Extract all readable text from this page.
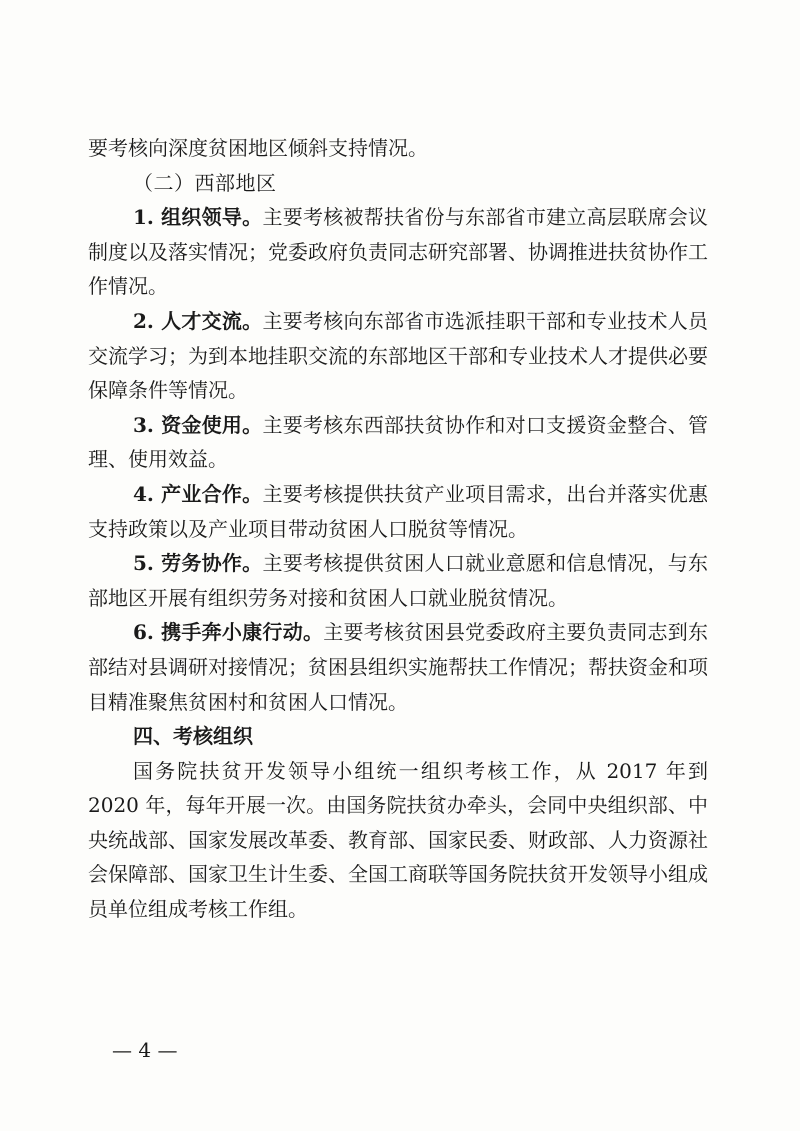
要考核向深度贫困地区倾斜支持情况。

（二）西部地区

1. 组织领导。主要考核被帮扶省份与东部省市建立高层联席会议制度以及落实情况；党委政府负责同志研究部署、协调推进扶贫协作工作情况。

2. 人才交流。主要考核向东部省市选派挂职干部和专业技术人员交流学习；为到本地挂职交流的东部地区干部和专业技术人才提供必要保障条件等情况。

3. 资金使用。主要考核东西部扶贫协作和对口支援资金整合、管理、使用效益。

4. 产业合作。主要考核提供扶贫产业项目需求，出台并落实优惠支持政策以及产业项目带动贫困人口脱贫等情况。

5. 劳务协作。主要考核提供贫困人口就业意愿和信息情况，与东部地区开展有组织劳务对接和贫困人口就业脱贫情况。

6. 携手奔小康行动。主要考核贫困县党委政府主要负责同志到东部结对县调研对接情况；贫困县组织实施帮扶工作情况；帮扶资金和项目精准聚焦贫困村和贫困人口情况。

四、考核组织

国务院扶贫开发领导小组统一组织考核工作，从 2017 年到 2020 年，每年开展一次。由国务院扶贫办牵头，会同中央组织部、中央统战部、国家发展改革委、教育部、国家民委、财政部、人力资源社会保障部、国家卫生计生委、全国工商联等国务院扶贫开发领导小组成员单位组成考核工作组。

— 4 —
